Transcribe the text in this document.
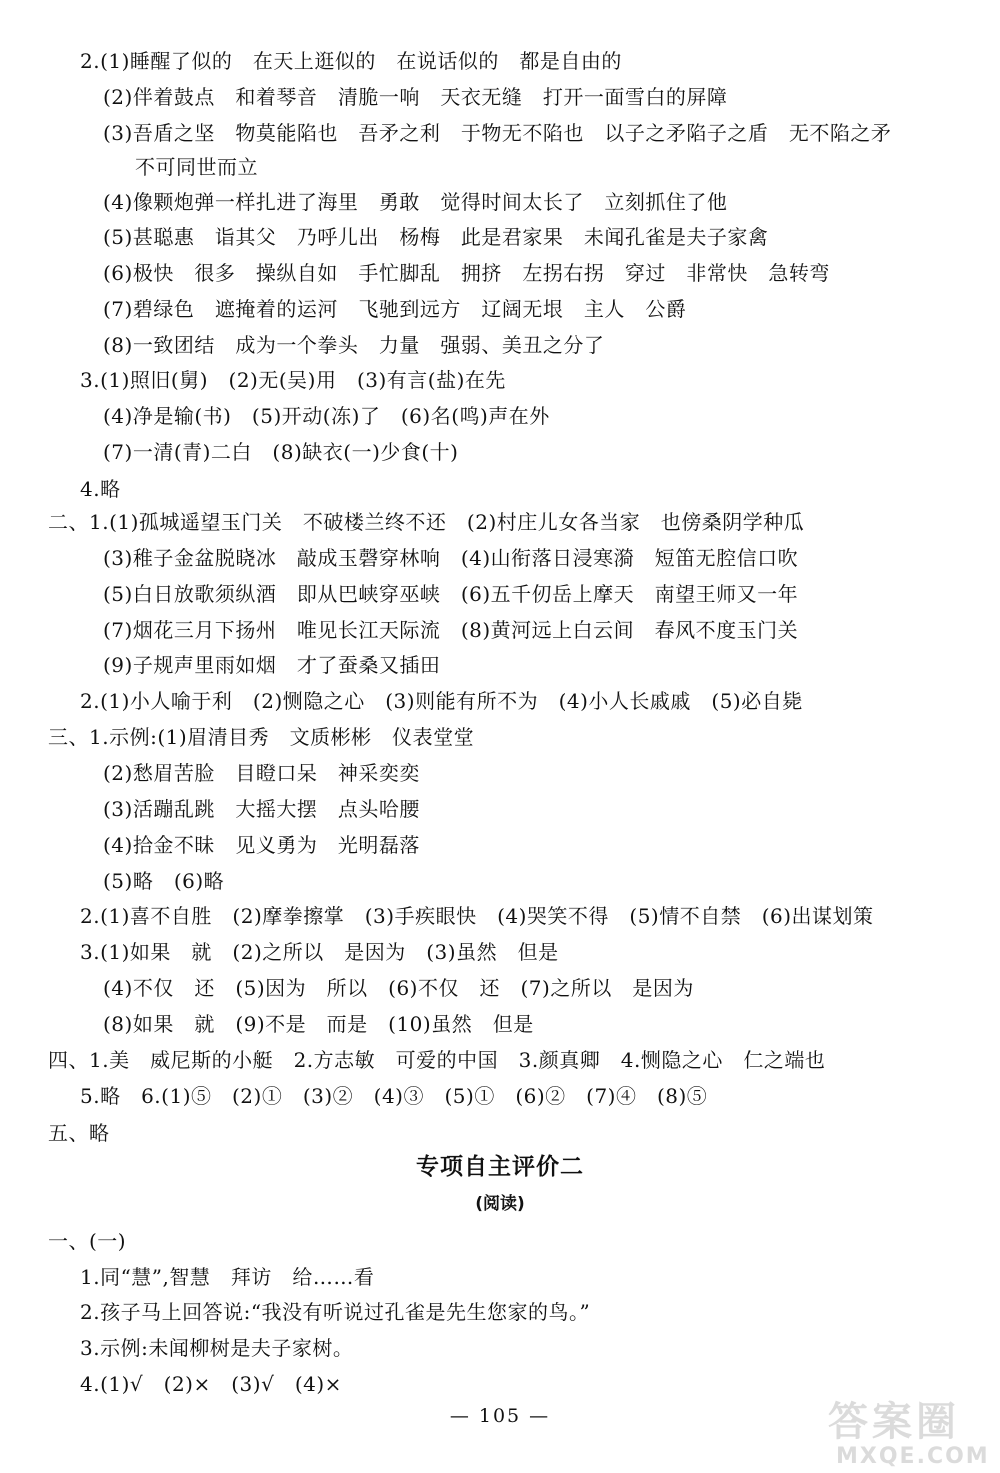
2.(1)睡醒了似的　在天上逛似的　在说话似的　都是自由的
(2)伴着鼓点　和着琴音　清脆一响　天衣无缝　打开一面雪白的屏障
(3)吾盾之坚　物莫能陷也　吾矛之利　于物无不陷也　以子之矛陷子之盾　无不陷之矛
不可同世而立
(4)像颗炮弹一样扎进了海里　勇敢　觉得时间太长了　立刻抓住了他
(5)甚聪惠　诣其父　乃呼儿出　杨梅　此是君家果　未闻孔雀是夫子家禽
(6)极快　很多　操纵自如　手忙脚乱　拥挤　左拐右拐　穿过　非常快　急转弯
(7)碧绿色　遮掩着的运河　飞驰到远方　辽阔无垠　主人　公爵
(8)一致团结　成为一个拳头　力量　强弱、美丑之分了
3.(1)照旧(舅)　(2)无(吴)用　(3)有言(盐)在先
(4)净是输(书)　(5)开动(冻)了　(6)名(鸣)声在外
(7)一清(青)二白　(8)缺衣(一)少食(十)
4.略
二、1.(1)孤城遥望玉门关　不破楼兰终不还　(2)村庄儿女各当家　也傍桑阴学种瓜
(3)稚子金盆脱晓冰　敲成玉磬穿林响　(4)山衔落日浸寒漪　短笛无腔信口吹
(5)白日放歌须纵酒　即从巴峡穿巫峡　(6)五千仞岳上摩天　南望王师又一年
(7)烟花三月下扬州　唯见长江天际流　(8)黄河远上白云间　春风不度玉门关
(9)子规声里雨如烟　才了蚕桑又插田
2.(1)小人喻于利　(2)恻隐之心　(3)则能有所不为　(4)小人长戚戚　(5)必自毙
三、1.示例:(1)眉清目秀　文质彬彬　仪表堂堂
(2)愁眉苦脸　目瞪口呆　神采奕奕
(3)活蹦乱跳　大摇大摆　点头哈腰
(4)拾金不昧　见义勇为　光明磊落
(5)略　(6)略
2.(1)喜不自胜　(2)摩拳擦掌　(3)手疾眼快　(4)哭笑不得　(5)情不自禁　(6)出谋划策
3.(1)如果　就　(2)之所以　是因为　(3)虽然　但是
(4)不仅　还　(5)因为　所以　(6)不仅　还　(7)之所以　是因为
(8)如果　就　(9)不是　而是　(10)虽然　但是
四、1.美　威尼斯的小艇　2.方志敏　可爱的中国　3.颜真卿　4.恻隐之心　仁之端也
5.略　6.(1)⑤　(2)①　(3)②　(4)③　(5)①　(6)②　(7)④　(8)⑤
五、略
专项自主评价二
(阅读)
一、(一)
1.同“慧”,智慧　拜访　给……看
2.孩子马上回答说:“我没有听说过孔雀是先生您家的鸟。”
3.示例:未闻柳树是夫子家树。
4.(1)√　(2)×　(3)√　(4)×
— 105 —	答案圈
MXQE.COM
